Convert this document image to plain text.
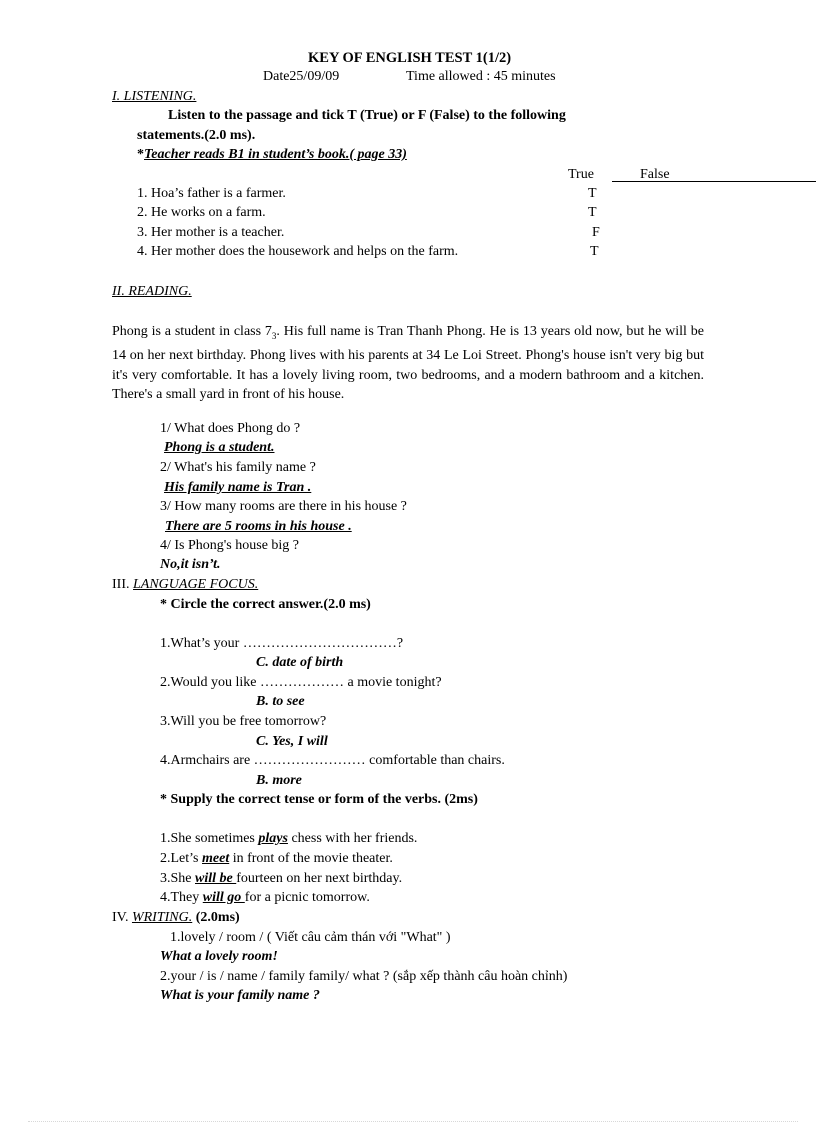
KEY OF ENGLISH TEST 1(1/2)
Date25/09/09	Time allowed : 45 minutes
I. LISTENING.
Listen to the passage and tick T (True) or F (False) to the following
statements.(2.0 ms).
*Teacher reads B1 in student’s book.( page 33)
True	False
1. Hoa’s father is a farmer.	T
2. He works on a farm.	T
3. Her mother is a teacher.	F
4. Her mother does the housework and helps on the farm.	T
II. READING.
Phong is a student in class $7_3$. His full name is Tran Thanh Phong. He is 13 years old now, but he will be 14 on her next birthday. Phong lives with his parents at 34 Le Loi Street. Phong's house isn't very big but it's very comfortable. It has a lovely living room, two bedrooms, and a modern bathroom and a kitchen. There's a small yard in front of his house.
1/ What does Phong do ?
Phong is a student.
2/ What's his family name ?
His family name is Tran .
3/ How many rooms are there in his house ?
There are 5 rooms in his house .
4/ Is Phong's house big ?
No,it isn’t.
III. LANGUAGE FOCUS.
* Circle the correct answer.(2.0 ms)
1.What’s your ……………………………?
C. date of birth
2.Would you like ……………… a movie tonight?
B. to see
3.Will you be free tomorrow?
C. Yes, I will
4.Armchairs are …………………… comfortable than chairs.
B. more
* Supply the correct tense or form of the verbs. (2ms)
1.She sometimes plays chess with her friends.
2.Let’s meet in front of the movie theater.
3.She will be fourteen on her next birthday.
4.They will go for a picnic tomorrow.
IV. WRITING. (2.0ms)
1.lovely / room / ( Viết câu cảm thán với "What" )
What a lovely room!
2.your / is / name / family family/ what ? (sắp xếp thành câu hoàn chỉnh)
What is your family name ?
